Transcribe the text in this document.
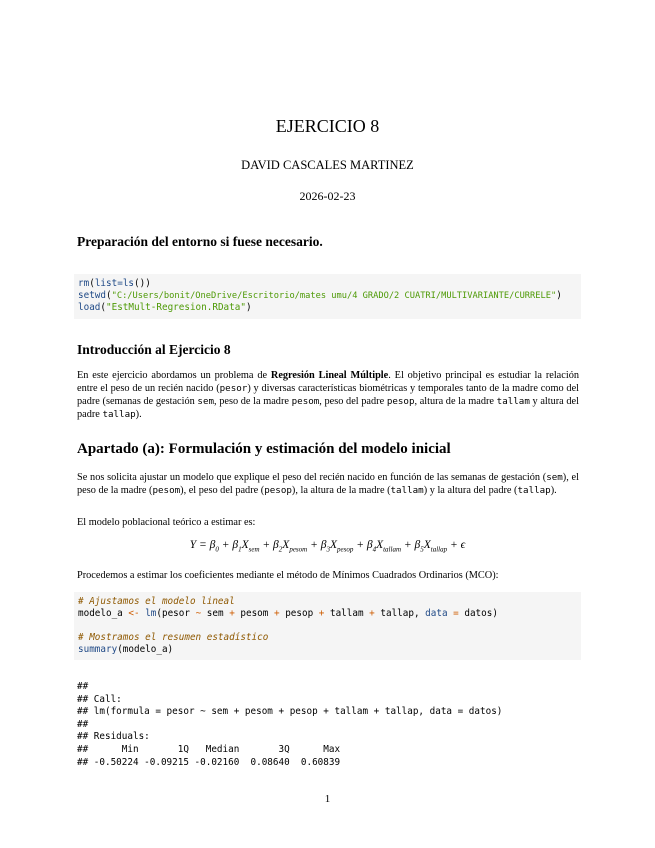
EJERCICIO 8
DAVID CASCALES MARTINEZ
2026-02-23
Preparación del entorno si fuese necesario.
rm(list=ls())
setwd("C:/Users/bonit/OneDrive/Escritorio/mates umu/4 GRADO/2 CUATRI/MULTIVARIANTE/CURRELE")
load("EstMult-Regresion.RData")
Introducción al Ejercicio 8
En este ejercicio abordamos un problema de Regresión Lineal Múltiple. El objetivo principal es estudiar la relación entre el peso de un recién nacido (pesor) y diversas características biométricas y temporales tanto de la madre como del padre (semanas de gestación sem, peso de la madre pesom, peso del padre pesop, altura de la madre tallam y altura del padre tallap).
Apartado (a): Formulación y estimación del modelo inicial
Se nos solicita ajustar un modelo que explique el peso del recién nacido en función de las semanas de gestación (sem), el peso de la madre (pesom), el peso del padre (pesop), la altura de la madre (tallam) y la altura del padre (tallap).
El modelo poblacional teórico a estimar es:
$Y = \beta_0 + \beta_1X_{sem} + \beta_2X_{pesom} + \beta_3X_{pesop} + \beta_4X_{tallam} + \beta_5X_{tallap} + \epsilon$
Procedemos a estimar los coeficientes mediante el método de Mínimos Cuadrados Ordinarios (MCO):
# Ajustamos el modelo lineal
modelo_a <- lm(pesor ~ sem + pesom + pesop + tallam + tallap, data = datos)
# Mostramos el resumen estadístico
summary(modelo_a)
##
## Call:
## lm(formula = pesor ~ sem + pesom + pesop + tallam + tallap, data = datos)
##
## Residuals:
##      Min       1Q   Median       3Q      Max
## -0.50224 -0.09215 -0.02160  0.08640  0.60839
1
